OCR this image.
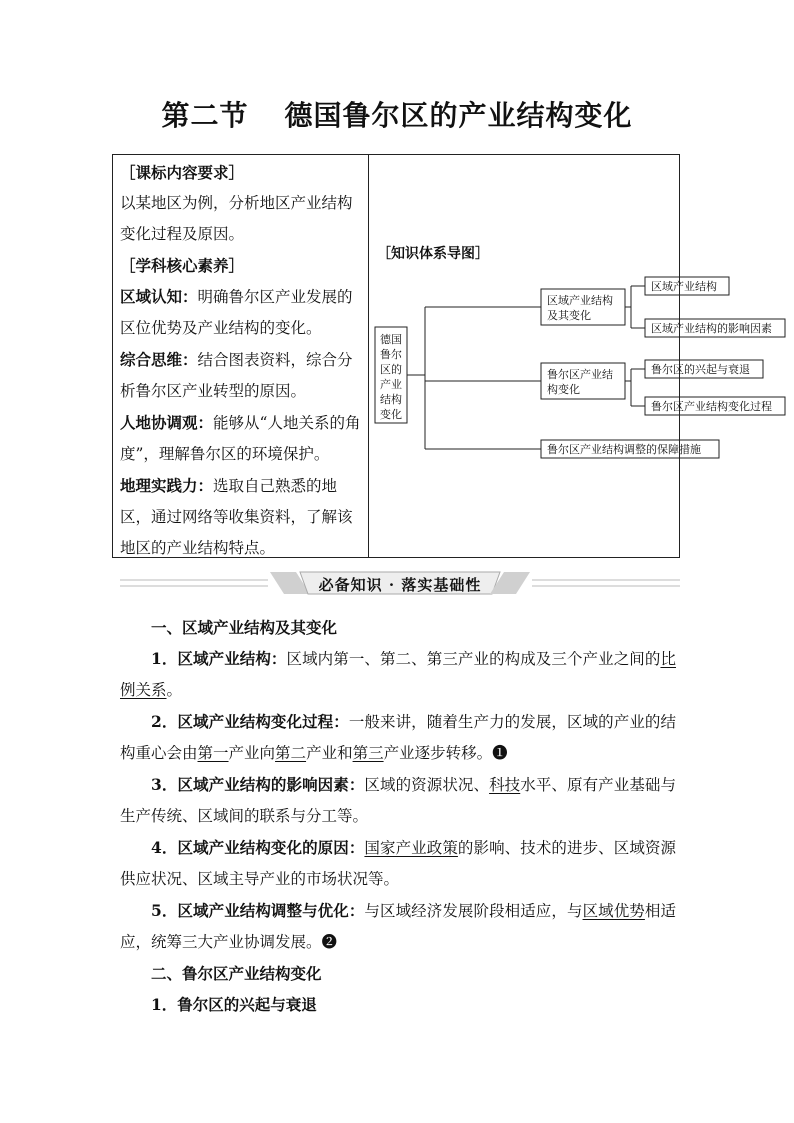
第二节 德国鲁尔区的产业结构变化

［课标内容要求］

以某地区为例，分析地区产业结构变化过程及原因。

［学科核心素养］

区域认知：明确鲁尔区产业发展的区位优势及产业结构的变化。

综合思维：结合图表资料，综合分析鲁尔区产业转型的原因。

人地协调观：能够从“人地关系的角度”，理解鲁尔区的环境保护。

地理实践力：选取自己熟悉的地区，通过网络等收集资料，了解该地区的产业结构特点。

［知识体系导图］
德国
鲁尔
区的
产业
结构
变化
区域产业结构
及其变化
区域产业结构
区域产业结构的影响因素
鲁尔区产业结
构变化
鲁尔区的兴起与衰退
鲁尔区产业结构变化过程
鲁尔区产业结构调整的保障措施
必备知识 · 落实基础性

一、区域产业结构及其变化

1．区域产业结构：区域内第一、第二、第三产业的构成及三个产业之间的比例关系。

2．区域产业结构变化过程：一般来讲，随着生产力的发展，区域的产业的结构重心会由第一产业向第二产业和第三产业逐步转移。❶

3．区域产业结构的影响因素：区域的资源状况、科技水平、原有产业基础与生产传统、区域间的联系与分工等。

4．区域产业结构变化的原因：国家产业政策的影响、技术的进步、区域资源供应状况、区域主导产业的市场状况等。

5．区域产业结构调整与优化：与区域经济发展阶段相适应，与区域优势相适应，统筹三大产业协调发展。❷

二、鲁尔区产业结构变化

1．鲁尔区的兴起与衰退
